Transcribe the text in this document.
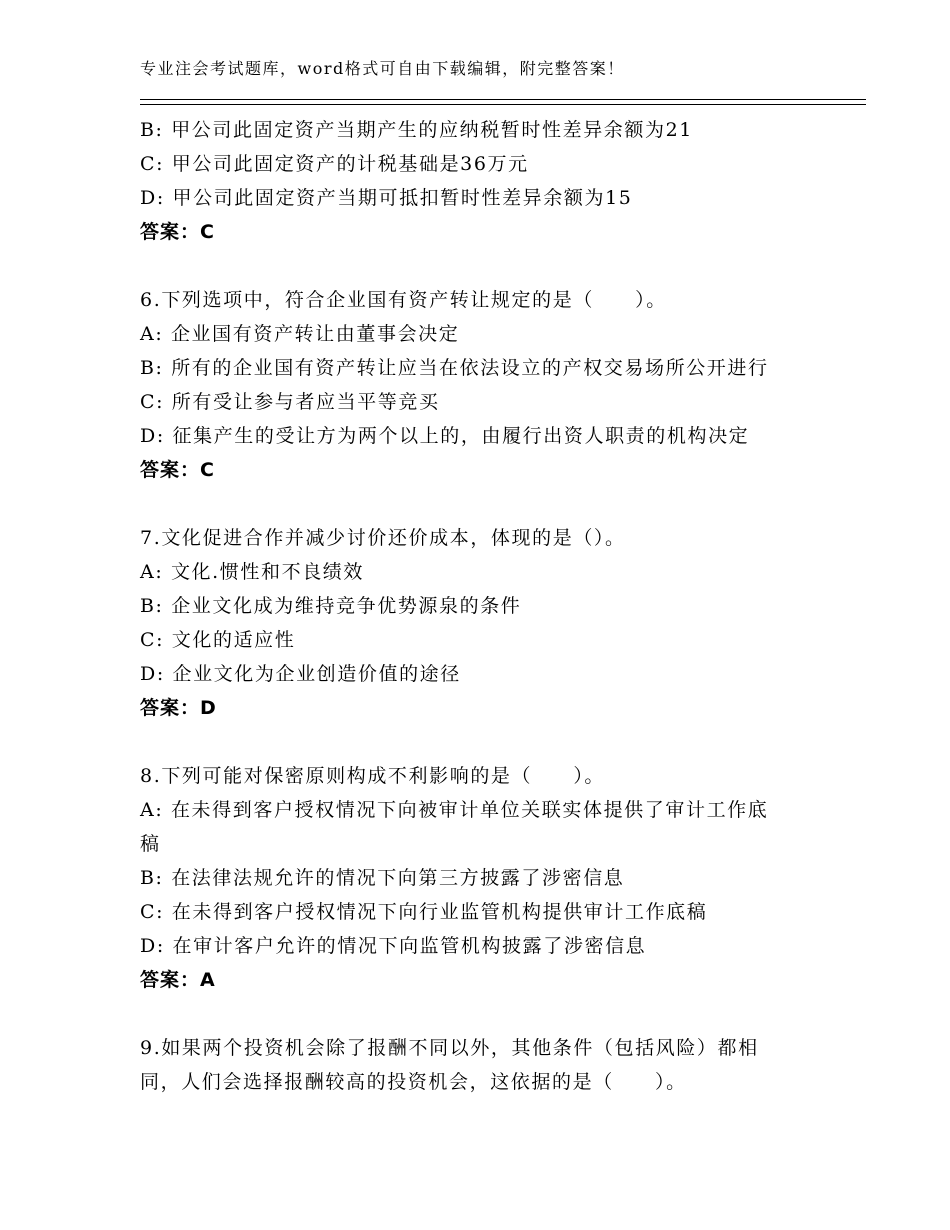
专业注会考试题库，word格式可自由下载编辑，附完整答案！
B: 甲公司此固定资产当期产生的应纳税暂时性差异余额为21
C: 甲公司此固定资产的计税基础是36万元
D: 甲公司此固定资产当期可抵扣暂时性差异余额为15
答案：C
6.下列选项中，符合企业国有资产转让规定的是（　　）。
A: 企业国有资产转让由董事会决定
B: 所有的企业国有资产转让应当在依法设立的产权交易场所公开进行
C: 所有受让参与者应当平等竞买
D: 征集产生的受让方为两个以上的，由履行出资人职责的机构决定
答案：C
7.文化促进合作并减少讨价还价成本，体现的是（）。
A: 文化.惯性和不良绩效
B: 企业文化成为维持竞争优势源泉的条件
C: 文化的适应性
D: 企业文化为企业创造价值的途径
答案：D
8.下列可能对保密原则构成不利影响的是（　　）。
A: 在未得到客户授权情况下向被审计单位关联实体提供了审计工作底
稿
B: 在法律法规允许的情况下向第三方披露了涉密信息
C: 在未得到客户授权情况下向行业监管机构提供审计工作底稿
D: 在审计客户允许的情况下向监管机构披露了涉密信息
答案：A
9.如果两个投资机会除了报酬不同以外，其他条件（包括风险）都相
同，人们会选择报酬较高的投资机会，这依据的是（　　）。
